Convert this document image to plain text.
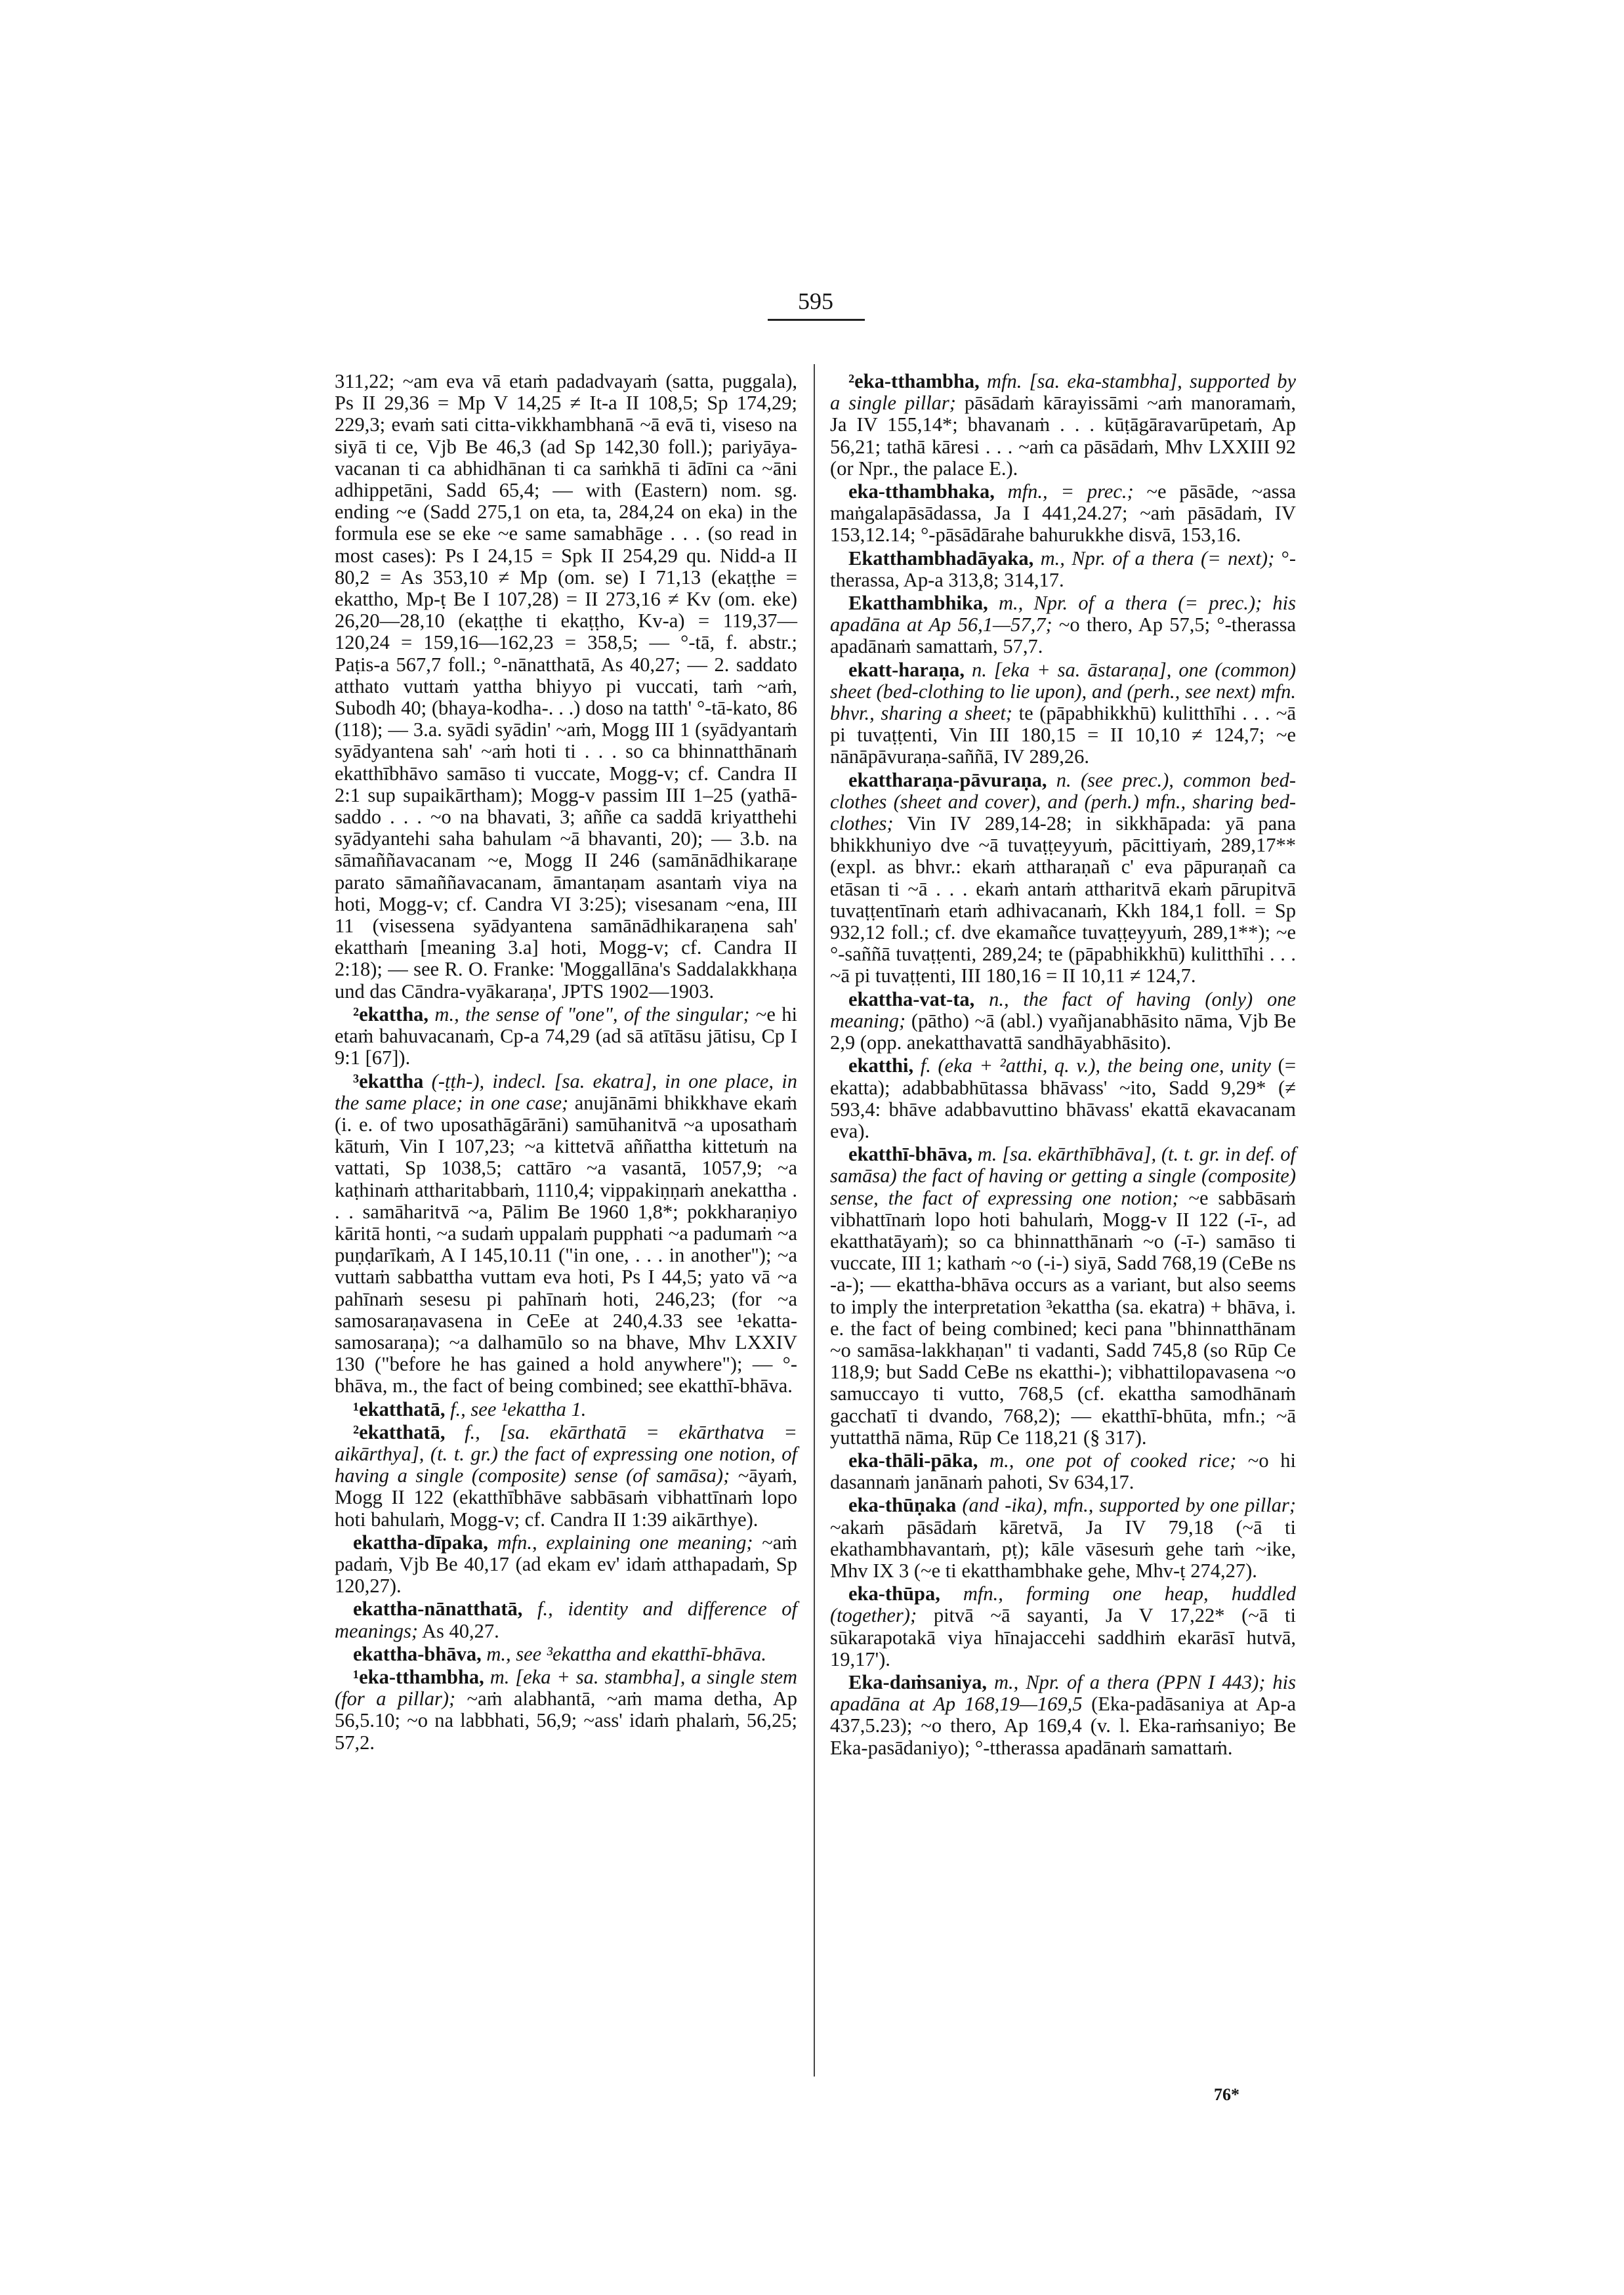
595

311,22; ~am eva vā etaṁ padadvayaṁ (satta, puggala), Ps II 29,36 = Mp V 14,25 ≠ It-a II 108,5; Sp 174,29; 229,3; evaṁ sati citta-vikkhambhanā ~ā evā ti, viseso na siyā ti ce, Vjb Be 46,3 (ad Sp 142,30 foll.); pariyāya-vacanan ti ca abhidhānan ti ca saṁkhā ti ādīni ca ~āni adhippetāni, Sadd 65,4; — with (Eastern) nom. sg. ending ~e (Sadd 275,1 on eta, ta, 284,24 on eka) in the formula ese se eke ~e same samabhāge . . . (so read in most cases): Ps I 24,15 = Spk II 254,29 qu. Nidd-a II 80,2 = As 353,10 ≠ Mp (om. se) I 71,13 (ekaṭṭhe = ekattho, Mp-ṭ Be I 107,28) = II 273,16 ≠ Kv (om. eke) 26,20—28,10 (ekaṭṭhe ti ekaṭṭho, Kv-a) = 119,37—120,24 = 159,16—162,23 = 358,5; — °-tā, f. abstr.; Paṭis-a 567,7 foll.; °-nānatthatā, As 40,27; — 2. saddato atthato vuttaṁ yattha bhiyyo pi vuccati, taṁ ~aṁ, Subodh 40; (bhaya-kodha-. . .) doso na tatth' °-tā-kato, 86 (118); — 3.a. syādi syādin' ~aṁ, Mogg III 1 (syādyantaṁ syādyantena sah' ~aṁ hoti ti . . . so ca bhinnatthānaṁ ekatthībhāvo samāso ti vuccate, Mogg-v; cf. Candra II 2:1 sup supaikārtham); Mogg-v passim III 1–25 (yathā-saddo . . . ~o na bhavati, 3; aññe ca saddā kriyatthehi syādyantehi saha bahulam ~ā bhavanti, 20); — 3.b. na sāmaññavacanam ~e, Mogg II 246 (samānādhikaraṇe parato sāmaññavacanam, āmantaṇam asantaṁ viya na hoti, Mogg-v; cf. Candra VI 3:25); visesanam ~ena, III 11 (visessena syādyantena samānādhikaraṇena sah' ekatthaṁ [meaning 3.a] hoti, Mogg-v; cf. Candra II 2:18); — see R. O. Franke: 'Moggallāna's Saddalakkhaṇa und das Cāndra-vyākaraṇa', JPTS 1902—1903.

²ekattha, m., the sense of "one", of the singular; ~e hi etaṁ bahuvacanaṁ, Cp-a 74,29 (ad sā atītāsu jātisu, Cp I 9:1 [67]).

³ekattha (-ṭṭh-), indecl. [sa. ekatra], in one place, in the same place; in one case; anujānāmi bhikkhave ekaṁ (i. e. of two uposathāgārāni) samūhanitvā ~a uposathaṁ kātuṁ, Vin I 107,23; ~a kittetvā aññattha kittetuṁ na vattati, Sp 1038,5; cattāro ~a vasantā, 1057,9; ~a kaṭhinaṁ attharitabbaṁ, 1110,4; vippakiṇṇaṁ anekattha . . . samāharitvā ~a, Pālim Be 1960 1,8*; pokkharaṇiyo kāritā honti, ~a sudaṁ uppalaṁ pupphati ~a padumaṁ ~a puṇḍarīkaṁ, A I 145,10.11 ("in one, . . . in another"); ~a vuttaṁ sabbattha vuttam eva hoti, Ps I 44,5; yato vā ~a pahīnaṁ sesesu pi pahīnaṁ hoti, 246,23; (for ~a samosaraṇavasena in CeEe at 240,4.33 see ¹ekatta-samosaraṇa); ~a dalhamūlo so na bhave, Mhv LXXIV 130 ("before he has gained a hold anywhere"); — °-bhāva, m., the fact of being combined; see ekatthī-bhāva.

¹ekatthatā, f., see ¹ekattha 1.

²ekatthatā, f., [sa. ekārthatā = ekārthatva = aikārthya], (t. t. gr.) the fact of expressing one notion, of having a single (composite) sense (of samāsa); ~āyaṁ, Mogg II 122 (ekatthībhāve sabbāsaṁ vibhattīnaṁ lopo hoti bahulaṁ, Mogg-v; cf. Candra II 1:39 aikārthye).

ekattha-dīpaka, mfn., explaining one meaning; ~aṁ padaṁ, Vjb Be 40,17 (ad ekam ev' idaṁ atthapadaṁ, Sp 120,27).

ekattha-nānatthatā, f., identity and difference of meanings; As 40,27.

ekattha-bhāva, m., see ³ekattha and ekatthī-bhāva.

¹eka-tthambha, m. [eka + sa. stambha], a single stem (for a pillar); ~aṁ alabhantā, ~aṁ mama detha, Ap 56,5.10; ~o na labbhati, 56,9; ~ass' idaṁ phalaṁ, 56,25; 57,2.

²eka-tthambha, mfn. [sa. eka-stambha], supported by a single pillar; pāsādaṁ kārayissāmi ~aṁ manoramaṁ, Ja IV 155,14*; bhavanaṁ . . . kūṭāgāravarūpetaṁ, Ap 56,21; tathā kāresi . . . ~aṁ ca pāsādaṁ, Mhv LXXIII 92 (or Npr., the palace E.).

eka-tthambhaka, mfn., = prec.; ~e pāsāde, ~assa maṅgalapāsādassa, Ja I 441,24.27; ~aṁ pāsādaṁ, IV 153,12.14; °-pāsādārahe bahurukkhe disvā, 153,16.

Ekatthambhadāyaka, m., Npr. of a thera (= next); °-therassa, Ap-a 313,8; 314,17.

Ekatthambhika, m., Npr. of a thera (= prec.); his apadāna at Ap 56,1—57,7; ~o thero, Ap 57,5; °-therassa apadānaṁ samattaṁ, 57,7.

ekatt-haraṇa, n. [eka + sa. āstaraṇa], one (common) sheet (bed-clothing to lie upon), and (perh., see next) mfn. bhvr., sharing a sheet; te (pāpabhikkhū) kulitthīhi . . . ~ā pi tuvaṭṭenti, Vin III 180,15 = II 10,10 ≠ 124,7; ~e nānāpāvuraṇa-saññā, IV 289,26.

ekattharaṇa-pāvuraṇa, n. (see prec.), common bed-clothes (sheet and cover), and (perh.) mfn., sharing bed-clothes; Vin IV 289,14-28; in sikkhāpada: yā pana bhikkhuniyo dve ~ā tuvaṭṭeyyuṁ, pācittiyaṁ, 289,17** (expl. as bhvr.: ekaṁ attharaṇañ c' eva pāpuraṇañ ca etāsan ti ~ā . . . ekaṁ antaṁ attharitvā ekaṁ pārupitvā tuvaṭṭentīnaṁ etaṁ adhivacanaṁ, Kkh 184,1 foll. = Sp 932,12 foll.; cf. dve ekamañce tuvaṭṭeyyuṁ, 289,1**); ~e °-saññā tuvaṭṭenti, 289,24; te (pāpabhikkhū) kulitthīhi . . . ~ā pi tuvaṭṭenti, III 180,16 = II 10,11 ≠ 124,7.

ekattha-vat-ta, n., the fact of having (only) one meaning; (pātho) ~ā (abl.) vyañjanabhāsito nāma, Vjb Be 2,9 (opp. anekatthavattā sandhāyabhāsito).

ekatthi, f. (eka + ²atthi, q. v.), the being one, unity (= ekatta); adabbabhūtassa bhāvass' ~ito, Sadd 9,29* (≠ 593,4: bhāve adabbavuttino bhāvass' ekattā ekavacanam eva).

ekatthī-bhāva, m. [sa. ekārthībhāva], (t. t. gr. in def. of samāsa) the fact of having or getting a single (composite) sense, the fact of expressing one notion; ~e sabbāsaṁ vibhattīnaṁ lopo hoti bahulaṁ, Mogg-v II 122 (-ī-, ad ekatthatāyaṁ); so ca bhinnatthānaṁ ~o (-ī-) samāso ti vuccate, III 1; kathaṁ ~o (-i-) siyā, Sadd 768,19 (CeBe ns -a-); — ekattha-bhāva occurs as a variant, but also seems to imply the interpretation ³ekattha (sa. ekatra) + bhāva, i. e. the fact of being combined; keci pana "bhinnatthānam ~o samāsa-lakkhaṇan" ti vadanti, Sadd 745,8 (so Rūp Ce 118,9; but Sadd CeBe ns ekatthi-); vibhattilopavasena ~o samuccayo ti vutto, 768,5 (cf. ekattha samodhānaṁ gacchatī ti dvando, 768,2); — ekatthī-bhūta, mfn.; ~ā yuttatthā nāma, Rūp Ce 118,21 (§ 317).

eka-thāli-pāka, m., one pot of cooked rice; ~o hi dasannaṁ janānaṁ pahoti, Sv 634,17.

eka-thūṇaka (and -ika), mfn., supported by one pillar; ~akaṁ pāsādaṁ kāretvā, Ja IV 79,18 (~ā ti ekathambhavantaṁ, pṭ); kāle vāsesuṁ gehe taṁ ~ike, Mhv IX 3 (~e ti ekatthambhake gehe, Mhv-ṭ 274,27).

eka-thūpa, mfn., forming one heap, huddled (together); pitvā ~ā sayanti, Ja V 17,22* (~ā ti sūkarapotakā viya hīnajaccehi saddhiṁ ekarāsī hutvā, 19,17').

Eka-daṁsaniya, m., Npr. of a thera (PPN I 443); his apadāna at Ap 168,19—169,5 (Eka-padāsaniya at Ap-a 437,5.23); ~o thero, Ap 169,4 (v. l. Eka-raṁsaniyo; Be Eka-pasādaniyo); °-ttherassa apadānaṁ samattaṁ.

76*
